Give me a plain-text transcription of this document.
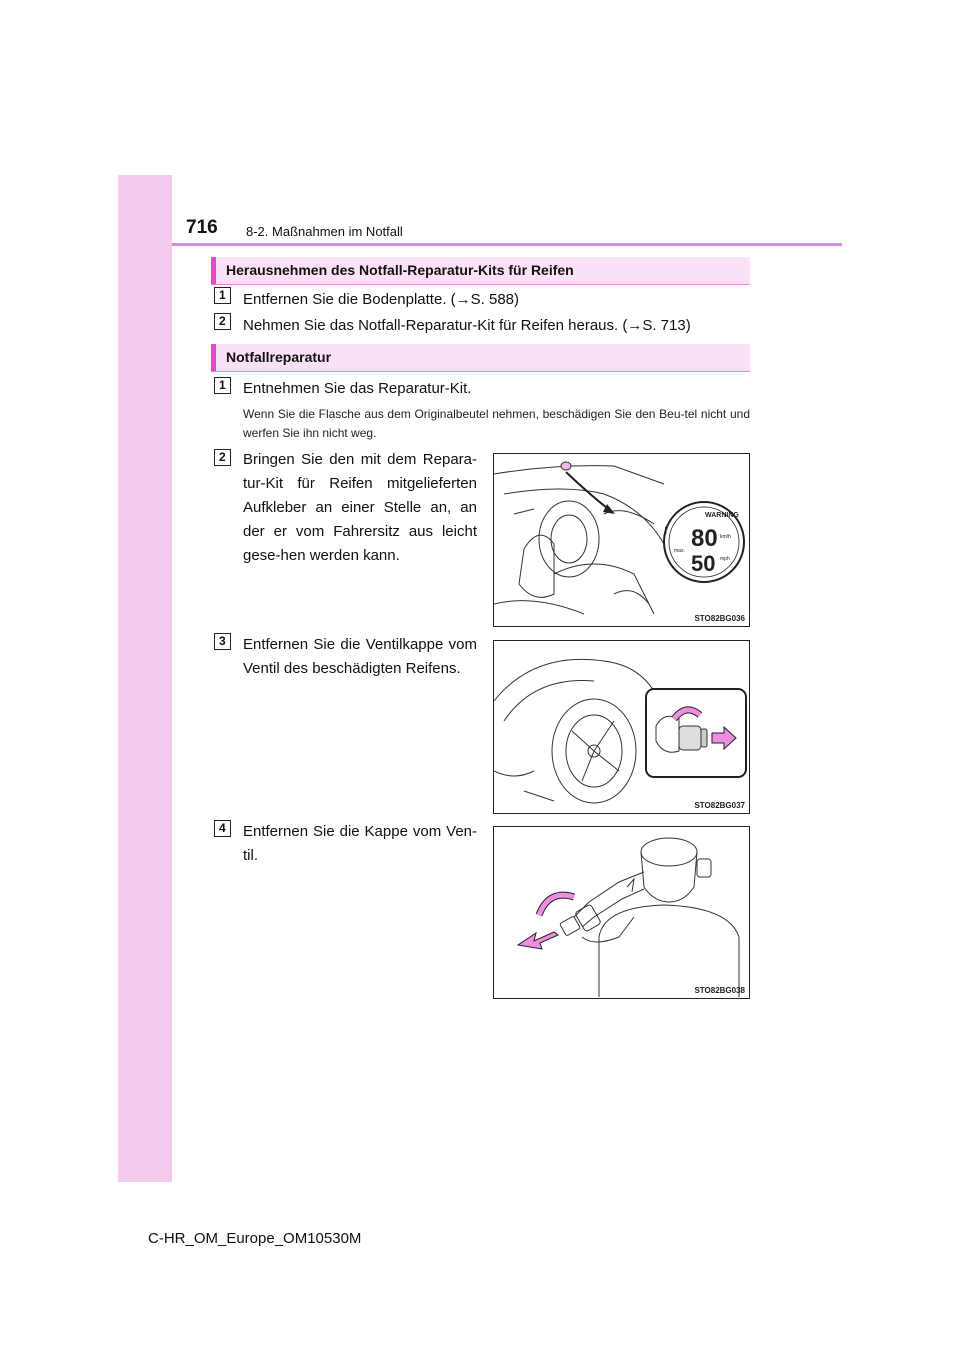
716 8-2. Maßnahmen im Notfall
Herausnehmen des Notfall-Reparatur-Kits für Reifen
1 Entfernen Sie die Bodenplatte. (→S. 588)
2 Nehmen Sie das Notfall-Reparatur-Kit für Reifen heraus. (→S. 713)
Notfallreparatur
1 Entnehmen Sie das Reparatur-Kit.
Wenn Sie die Flasche aus dem Originalbeutel nehmen, beschädigen Sie den Beu-tel nicht und werfen Sie ihn nicht weg.
2 Bringen Sie den mit dem Repara-tur-Kit für Reifen mitgelieferten Aufkleber an einer Stelle an, an der er vom Fahrersitz aus leicht gese-hen werden kann.
3 Entfernen Sie die Ventilkappe vom Ventil des beschädigten Reifens.
4 Entfernen Sie die Kappe vom Ven-til.
!
WARNING
80
50
km/h
mph
max.
STO82BG036
STO82BG037
STO82BG038
C-HR_OM_Europe_OM10530M
